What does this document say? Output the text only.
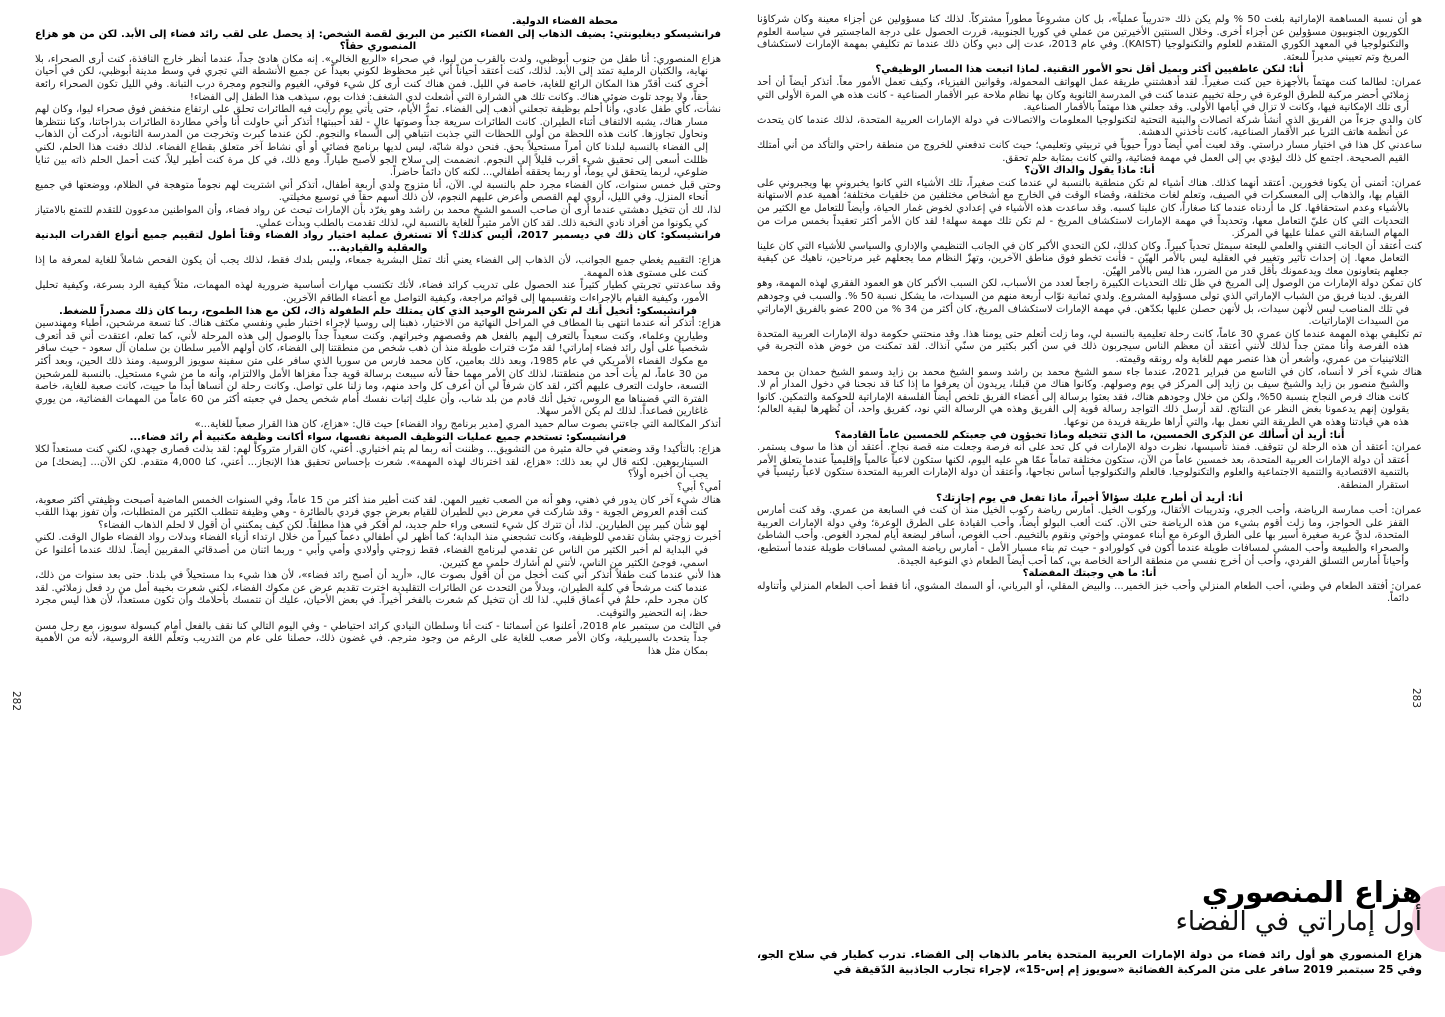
محطة الفضاء الدولية.

فرانشيسكو ديغليونتي: يضيف الذهاب إلى الفضاء الكثير من البريق لقصة الشخص: إذ يحصل على لقب رائد فضاء إلى الأبد. لكن من هو هزاع المنصوري حقاً؟

هزاع المنصوري: أنا طفل من جنوب أبوظبي، ولدت بالقرب من ليوا، في صحراء «الربع الخالي». إنه مكان هادئ جداً، عندما أنظر خارج النافذة، كنت أرى الصحراء، بلا نهاية، والكثبان الرملية تمتد إلى الأبد. لذلك، كنت أعتقد أحياناً أني غير محظوظ لكوني بعيداً عن جميع الأنشطة التي تجري في وسط مدينة أبوظبي، لكن في أحيان أخرى كنت أقدّر هذا المكان الرائع للغاية، خاصة في الليل. فمن هناك كنت أرى كل شيء فوقي، الغيوم والنجوم ومجرة درب التبانة. وفي الليل تكون الصحراء رائعة حقاً، ولا يوجد تلوث ضوئي هناك. وكانت تلك هي الشرارة التي أشعلت لدي الشغف: فذات يوم، سيذهب هذا الطفل إلى الفضاء!

نشأت، كأي طفل عادي، وأنا أحلم بوظيفة تجعلني أذهب إلى الفضاء. تمرُّ الأيام، حتى يأتي يوم رأيت فيه الطائرات تحلق على ارتفاع منخفض فوق صحراء ليوا، وكان لهم مسار هناك، يشبه الالتفاف أثناء الطيران. كانت الطائرات سريعة جداً وصوتها عالٍ - لقد أحببتها! أتذكر أني حاولت أنا وأخي مطاردة الطائرات بدراجاتنا، وكنا ننتظرها ونحاول تجاوزها. كانت هذه اللحظة من أولى اللحظات التي جذبت انتباهي إلى السماء والنجوم. لكن عندما كبرت وتخرجت من المدرسة الثانوية، أدركت أن الذهاب إلى الفضاء بالنسبة لبلدنا كان أمراً مستحيلاً بحق. فنحن دولة شابّة، ليس لديها برنامج فضائي أو أي نشاط آخر متعلق بقطاع الفضاء. لذلك دفنت هذا الحلم، لكني ظللت أسعى إلى تحقيق شيء أقرب قليلاً إلى النجوم. انضممت إلى سلاح الجو لأصبح طياراً. ومع ذلك، في كل مرة كنت أطير ليلاً، كنت أحمل الحلم ذاته بين ثنايا ضلوعي، لربما يتحقق لي يوماً، أو ربما يحققه أطفالي... لكنه كان دائماً حاضراً.

وحتى قبل خمس سنوات، كان الفضاء مجرد حلم بالنسبة لي. الآن، أنا متزوج ولدي أربعة أطفال، أتذكر أني اشتريت لهم نجوماً متوهجة في الظلام، ووضعتها في جميع أنحاء المنزل. وفي الليل، أروي لهم القصص وأعرض عليهم النجوم، لأن ذلك أسهم حقاً في توسيع مخيلتي.

لذا، لك أن تتخيل دهشتي عندما أرى أن صاحب السمو الشيخ محمد بن راشد وهو يغرّد بأن الإمارات تبحث عن رواد فضاء، وأن المواطنين مدعوون للتقدم للتمتع بالامتياز كي يكونوا من أفراد نادي النخبة ذلك. لقد كان الأمر مثيراً للغاية بالنسبة لي، لذلك تقدمت بالطلب وبدأت عملي.

فرانشيسكو: كان ذلك في ديسمبر 2017، أليس كذلك؟ ألا تستغرق عملية اختيار رواد الفضاء وقتاً أطول لتقييم جميع أنواع القدرات البدنية والعقلية والقيادية...

هزاع: التقييم يغطي جميع الجوانب، لأن الذهاب إلى الفضاء يعني أنك تمثل البشرية جمعاء، وليس بلدك فقط، لذلك يجب أن يكون الفحص شاملاً للغاية لمعرفة ما إذا كنت على مستوى هذه المهمة.

وقد ساعدتني تجربتي كطيار كثيراً عند الحصول على تدريب كرائد فضاء، لأنك تكتسب مهارات أساسية ضرورية لهذه المهمات، مثلاً كيفية الرد بسرعة، وكيفية تحليل الأمور، وكيفية القيام بالإجراءات وتقسيمها إلى قوائم مراجعة، وكيفية التواصل مع أعضاء الطاقم الآخرين.

فرانشيسكو: أتخيل أنك لم تكن المرشح الوحيد الذي كان يمتلك حلم الطفولة ذاك، لكن مع هذا الطموح، ربما كان ذلك مصدراً للضغط.

هزاع: أتذكر أنه عندما انتهى بنا المطاف في المراحل النهائية من الاختيار، ذهبنا إلى روسيا لإجراء اختبار طبي ونفسي مكثف هناك. كنا تسعة مرشحين، أطباء ومهندسين وطيارين وعلماء، وكنت سعيداً بالتعرف إليهم بالفعل هم وقصصهم وخبراتهم. وكنت سعيداً جداً بالوصول إلى هذه المرحلة لأني، كما تعلم، اعتقدت أني قد أتعرف شخصياً على أول رائد فضاء إماراتي! لقد مرّت فترات طويلة منذ أن ذهب شخص من منطقتنا إلى الفضاء، كان أولهم الأمير سلطان بن سلمان آل سعود - حيث سافر مع مكوك الفضاء الأمريكي في عام 1985، وبعد ذلك بعامين، كان محمد فارس من سوريا الذي سافر على متن سفينة سويوز الروسية. ومنذ ذلك الحين، وبعد أكثر من 30 عاماً، لم يأت أحد من منطقتنا، لذلك كان الأمر مهما حقاً لأنه سيبعث برسالة قوية جداً مغزاها الأمل والالتزام، وأنه ما من شيء مستحيل. بالنسبة للمرشحين التسعة، حاولت التعرف عليهم أكثر، لقد كان شرفاً لي أن أعرف كل واحد منهم، وما زلنا على تواصل. وكانت رحلة لن أنساها أبداً ما حييت، كانت صعبة للغاية، خاصة الفترة التي قضيناها مع الروس، تخيل أنك قادم من بلد شاب، وأن عليك إثبات نفسك أمام شخص يحمل في جعبته أكثر من 60 عاماً من المهمات الفضائية، من يوري غاغارين فصاعداً. لذلك لم يكن الأمر سهلا.

أتذكر المكالمة التي جاءتني بصوت سالم حميد المري [مدير برنامج رواد الفضاء] حيث قال: «هزاع، كان هذا القرار صعباً للغاية...»

فرانشيسكو: تستخدم جميع عمليات التوظيف الصيغة نفسها، سواء أكانت وظيفة مكتبية أم رائد فضاء...

هزاع: بالتأكيد! وقد وضعني في حالة مثيرة من التشويق... وظننت أنه ربما لم يتم اختياري. أعني، كان القرار متروكاً لهم: لقد بذلت قصارى جهدي، لكني كنت مستعداً لكلا السيناريوهين. لكنه قال لي بعد ذلك: «هزاع، لقد اخترناك لهذه المهمة». شعرت بإحساس تحقيق هذا الإنجاز... أعني، كنا 4,000 متقدم. لكن الآن... [يضحك] من يجب أن أخبره أولاً؟

أمي؟ أبي؟

هناك شيء آخر كان يدور في ذهني، وهو أنه من الصعب تغيير المهن. لقد كنت أطير منذ أكثر من 15 عاماً، وفي السنوات الخمس الماضية أصبحت وظيفتي أكثر صعوبة، كنت أقدم العروض الجوية - وقد شاركت في معرض دبي للطيران للقيام بعرض جوي فردي بالطائرة - وهي وظيفة تتطلب الكثير من المتطلبات، وأن تفوز بهذا اللقب لهو شأن كبير بين الطيارين. لذا، أن تترك كل شيء لتسعى وراء حلم جديد، لم أفكر في هذا مطلقاً. لكن كيف يمكنني أن أقول لا لحلم الذهاب الفضاء؟

أخبرت زوجتي بشأن تقدمي للوظيفة، وكانت تشجعني منذ البداية؛ كما أظهر لي أطفالي دعماً كبيراً من خلال ارتداء أزياء الفضاء وبدلات رواد الفضاء طوال الوقت. لكني في البداية لم أخبر الكثير من الناس عن تقدمي لبرنامج الفضاء، فقط زوجتي وأولادي وأمي وأبي - وربما اثنان من أصدقائي المقربين أيضاً. لذلك عندما أعلنوا عن اسمي، فوجئ الكثير من الناس، لأنني لم أشارك حلمي مع كثيرين.

هذا لأني عندما كنت طفلاً أتذكر أني كنت أخجل من أن أقول بصوت عال، «أريد أن أصبح رائد فضاء»، لأن هذا شيء بدا مستحيلاً في بلدنا. حتى بعد سنوات من ذلك، عندما كنت مرشحاً في كلية الطيران، وبدلاً من التحدث عن الطائرات التقليدية اخترت تقديم عرض عن مكوك الفضاء، لكني شعرت بخيبة أمل من رد فعل زملائي. لقد كان مجرد حلم، حلمٌ في أعماق قلبي. لذا لك أن تتخيل كم شعرت بالفخر أخيراً. في بعض الأحيان، عليك أن تتمسك بأحلامك وأن تكون مستعداً، لأن هذا ليس مجرد حظ، إنه التحضير والتوقيت.

في الثالث من سبتمبر عام 2018، أعلنوا عن أسمائنا - كنت أنا وسلطان النيادي كرائد احتياطي - وفي اليوم التالي كنا نقف بالفعل أمام كبسولة سويوز، مع رجل مسن جداً يتحدث بالسيريلية، وكان الأمر صعب للغاية على الرغم من وجود مترجم. في غضون ذلك، حصلنا على عام من التدريب وتعلّم اللغة الروسية، لأنه من الأهمية بمكان مثل هذا

هو أن نسبة المساهمة الإماراتية بلغت 50 % ولم يكن ذلك «تدريباً عملياً»، بل كان مشروعاً مطوراً مشتركاً. لذلك كنا مسؤولين عن أجزاء معينة وكان شركاؤنا الكوريون الجنوبيون مسؤولين عن أجزاء أخرى. وخلال السنتين الأخيرتين من عملي في كوريا الجنوبية، قررت الحصول على درجة الماجستير في سياسة العلوم والتكنولوجيا في المعهد الكوري المتقدم للعلوم والتكنولوجيا (KAIST). وفي عام 2013، عدت إلى دبي وكان ذلك عندما تم تكليفي بمهمة الإمارات لاستكشاف المريخ وتم تعييني مديراً للبعثة.

أنا: لنكن عاطفيين أكثر وبميل أقل نحو الأمور التقنية. لماذا اتبعت هذا المسار الوظيفي؟

عمران: لطالما كنت مهتماً بالأجهزة حين كنت صغيراً. لقد أدهشتني طريقة عمل الهواتف المحمولة، وقوانين الفيزياء، وكيف تعمل الأمور معاً. أتذكر أيضاً أن أحد زملائي أحضر مركبة للطرق الوعرة في رحلة تخييم عندما كنت في المدرسة الثانوية وكان بها نظام ملاحة عبر الأقمار الصناعية - كانت هذه هي المرة الأولى التي أرى تلك الإمكانية فيها، وكانت لا تزال في أيامها الأولى. وقد جعلني هذا مهتماً بالأقمار الصناعية.

كان والدي جزءاً من الفريق الذي أنشأ شركة اتصالات والبنية التحتية لتكنولوجيا المعلومات والاتصالات في دولة الإمارات العربية المتحدة، لذلك عندما كان يتحدث عن أنظمة هاتف الثريا عبر الأقمار الصناعية، كانت تأخذني الدهشة.

ساعدني كل هذا في اختيار مسار دراستي. وقد لعبت أمي أيضاً دوراً حيوياً في تربيتي وتعليمي؛ حيث كانت تدفعني للخروج من منطقة راحتي والتأكد من أني أمتلك القيم الصحيحة. اجتمع كل ذلك ليؤدي بي إلى العمل في مهمة فضائية، والتي كانت بمثابة حلم تحقق.

أنا: ماذا يقول والداك الآن؟

عمران: أتمنى أن يكونا فخورين. أعتقد أنهما كذلك. هناك أشياء لم تكن منطقية بالنسبة لي عندما كنت صغيراً، تلك الأشياء التي كانوا يخبروني بها ويجبروني على القيام بها، والذهاب إلى المعسكرات في الصيف، وتعلم لغات مختلفة، وقضاء الوقت في الخارج مع أشخاص مختلفين من خلفيات مختلفة؛ أهمية عدم الاستهانة بالأشياء وعدم استحقاقها. كل ما أردناه عندما كنا صغاراً، كان علينا كسبه. وقد ساعدت هذه الأشياء في إعدادي لخوض غمار الحياة، وأيضاً للتعامل مع الكثير من التحديات التي كان عليّ التعامل معها، وتحديداً في مهمة الإمارات لاستكشاف المريخ - لم تكن تلك مهمة سهلة! لقد كان الأمر أكثر تعقيداً بخمس مرات من المهام السابقة التي عملنا عليها في المركز.

كنت أعتقد أن الجانب التقني والعلمي للبعثة سيمثل تحدياً كبيراً. وكان كذلك، لكن التحدي الأكبر كان في الجانب التنظيمي والإداري والسياسي للأشياء التي كان علينا التعامل معها. إن إحداث تأثير وتغيير في العقلية ليس بالأمر الهيّن - فأنت تخطو فوق مناطق الآخرين، وتهزّ النظام مما يجعلهم غير مرتاحين، ناهيك عن كيفية جعلهم يتعاونون معك ويدعمونك بأقل قدر من الضرر، هذا ليس بالأمر الهيّن.

كان تمكن دولة الإمارات من الوصول إلى المريخ في ظل تلك التحديات الكبيرة راجعاً لعدد من الأسباب، لكن السبب الأكبر كان هو العمود الفقري لهذه المهمة، وهو الفريق. لدينا فريق من الشباب الإماراتي الذي تولى مسؤولية المشروع. ولدي ثمانية نوّاب أربعة منهم من السيدات، ما يشكل نسبة 50 %. والسبب في وجودهم في تلك المناصب ليس لأنهن سيدات، بل لأنهن حصلن عليها بكدّهن. في مهمة الإمارات لاستكشاف المريخ، كان أكثر من 34 % من 200 عضو بالفريق الإماراتي من السيدات الإماراتيات.

تم تكليفي بهذه المهمة عندما كان عمري 30 عاماً، كانت رحلة تعليمية بالنسبة لي، وما زلت أتعلم حتى يومنا هذا. وقد منحتني حكومة دولة الإمارات العربية المتحدة هذه الفرصة وأنا ممتن جداً لذلك لأنني أعتقد أن معظم الناس سيجربون ذلك في سن أكبر بكثير من سنّي آنذاك. لقد تمكنت من خوض هذه التجربة في الثلاثينيات من عمري، وأشعر أن هذا عنصر مهم للغاية وله رونقه وقيمته.

هناك شيء آخر لا أنساه، كان في التاسع من فبراير 2021، عندما جاء سمو الشيخ محمد بن راشد وسمو الشيخ محمد بن زايد وسمو الشيخ حمدان بن محمد والشيخ منصور بن زايد والشيخ سيف بن زايد إلى المركز في يوم وصولهم. وكانوا هناك من قبلنا، يريدون أن يعرفوا ما إذا كنا قد نجحنا في دخول المدار أم لا. كانت هناك فرص النجاح بنسبة 50%، ولكن من خلال وجودهم هناك، فقد بعثوا برسالة إلى أعضاء الفريق تلخص أيضاً الفلسفة الإماراتية للحوكمة والتمكين. كانوا يقولون إنهم يدعمونا بغض النظر عن النتائج. لقد أرسل ذلك التواجد رسالة قوية إلى الفريق وهذه هي الرسالة التي نود، كفريق واحد، أن نُظهرها لبقية العالم؛ هذه هي قيادتنا وهذه هي الطريقة التي نعمل بها، والتي أراها طريقة فريدة من نوعها.

أنا: أريد أن أسألك عن الذكرى الخمسين، ما الذي تتخيله وماذا تخبؤون في جعبتكم للخمسين عاماً القادمة؟

عمران: أعتقد أن هذه الرحلة لن تتوقف. فمنذ تأسيسها، نظرت دولة الإمارات في كل تحد على أنه فرصة وجعلت منه قصة نجاح. أعتقد أن هذا ما سوف يستمر. أعتقد أن دولة الإمارات العربية المتحدة، بعد خمسين عاماً من الآن، ستكون مختلفة تماماً عمّا هي عليه اليوم، لكنها ستكون لاعباً عالمياً وإقليمياً عندما يتعلق الأمر بالتنمية الاقتصادية والتنمية الاجتماعية والعلوم والتكنولوجيا. فالعلم والتكنولوجيا أساس نجاحها، وأعتقد أن دولة الإمارات العربية المتحدة ستكون لاعباً رئيسياً في استقرار المنطقة.

أنا: أريد أن أطرح عليك سؤالاً أخيراً، ماذا تفعل في يوم إجازتك؟

عمران: أحب ممارسة الرياضة، وأحب الجري، وتدريبات الأثقال، وركوب الخيل. أمارس رياضة ركوب الخيل منذ أن كنت في السابعة من عمري. وقد كنت أمارس القفز على الحواجز، وما زلت أقوم بشيء من هذه الرياضة حتى الآن. كنت ألعب البولو أيضاً، وأحب القيادة على الطرق الوعرة؛ وفي دولة الإمارات العربية المتحدة، لديَّ عربة صغيرة أسير بها على الطرق الوعرة مع أبناء عمومتي وإخوتي ونقوم بالتخييم. أحب الغوص، أسافر لبضعة أيام لمجرد الغوص. وأحب الشاطئ والصحراء والطبيعة وأحب المشي لمسافات طويلة عندما أكون في كولورادو - حيث تم بناء مسبار الأمل - أمارس رياضة المشي لمسافات طويلة عندما أستطيع، وأحياناً أمارس التسلق الفردي، وأحب أن أخرج نفسي من منطقة الراحة الخاصة بي، كما أحب أيضاً الطعام ذي النوعية الجيدة.

أنا: ما هي وجبتك المفضلة؟

عمران: أفتقد الطعام في وطني، أحب الطعام المنزلي وأحب خبز الخمير... والبيض المقلي، أو البرياني، أو السمك المشوي، أنا فقط أحب الطعام المنزلي وأتناوله دائماً.

هزاع المنصوري
أول إماراتي في الفضاء

هزاع المنصوري هو أول رائد فضاء من دولة الإمارات العربية المتحدة يغامر بالذهاب إلى الفضاء. تدرب كطيار في سلاح الجو، وفي 25 سبتمبر 2019 سافر على متن المركبة الفضائية «سويوز إم إس-15»، لإجراء تجارب الجاذبية الدّقيقة في

282	283
